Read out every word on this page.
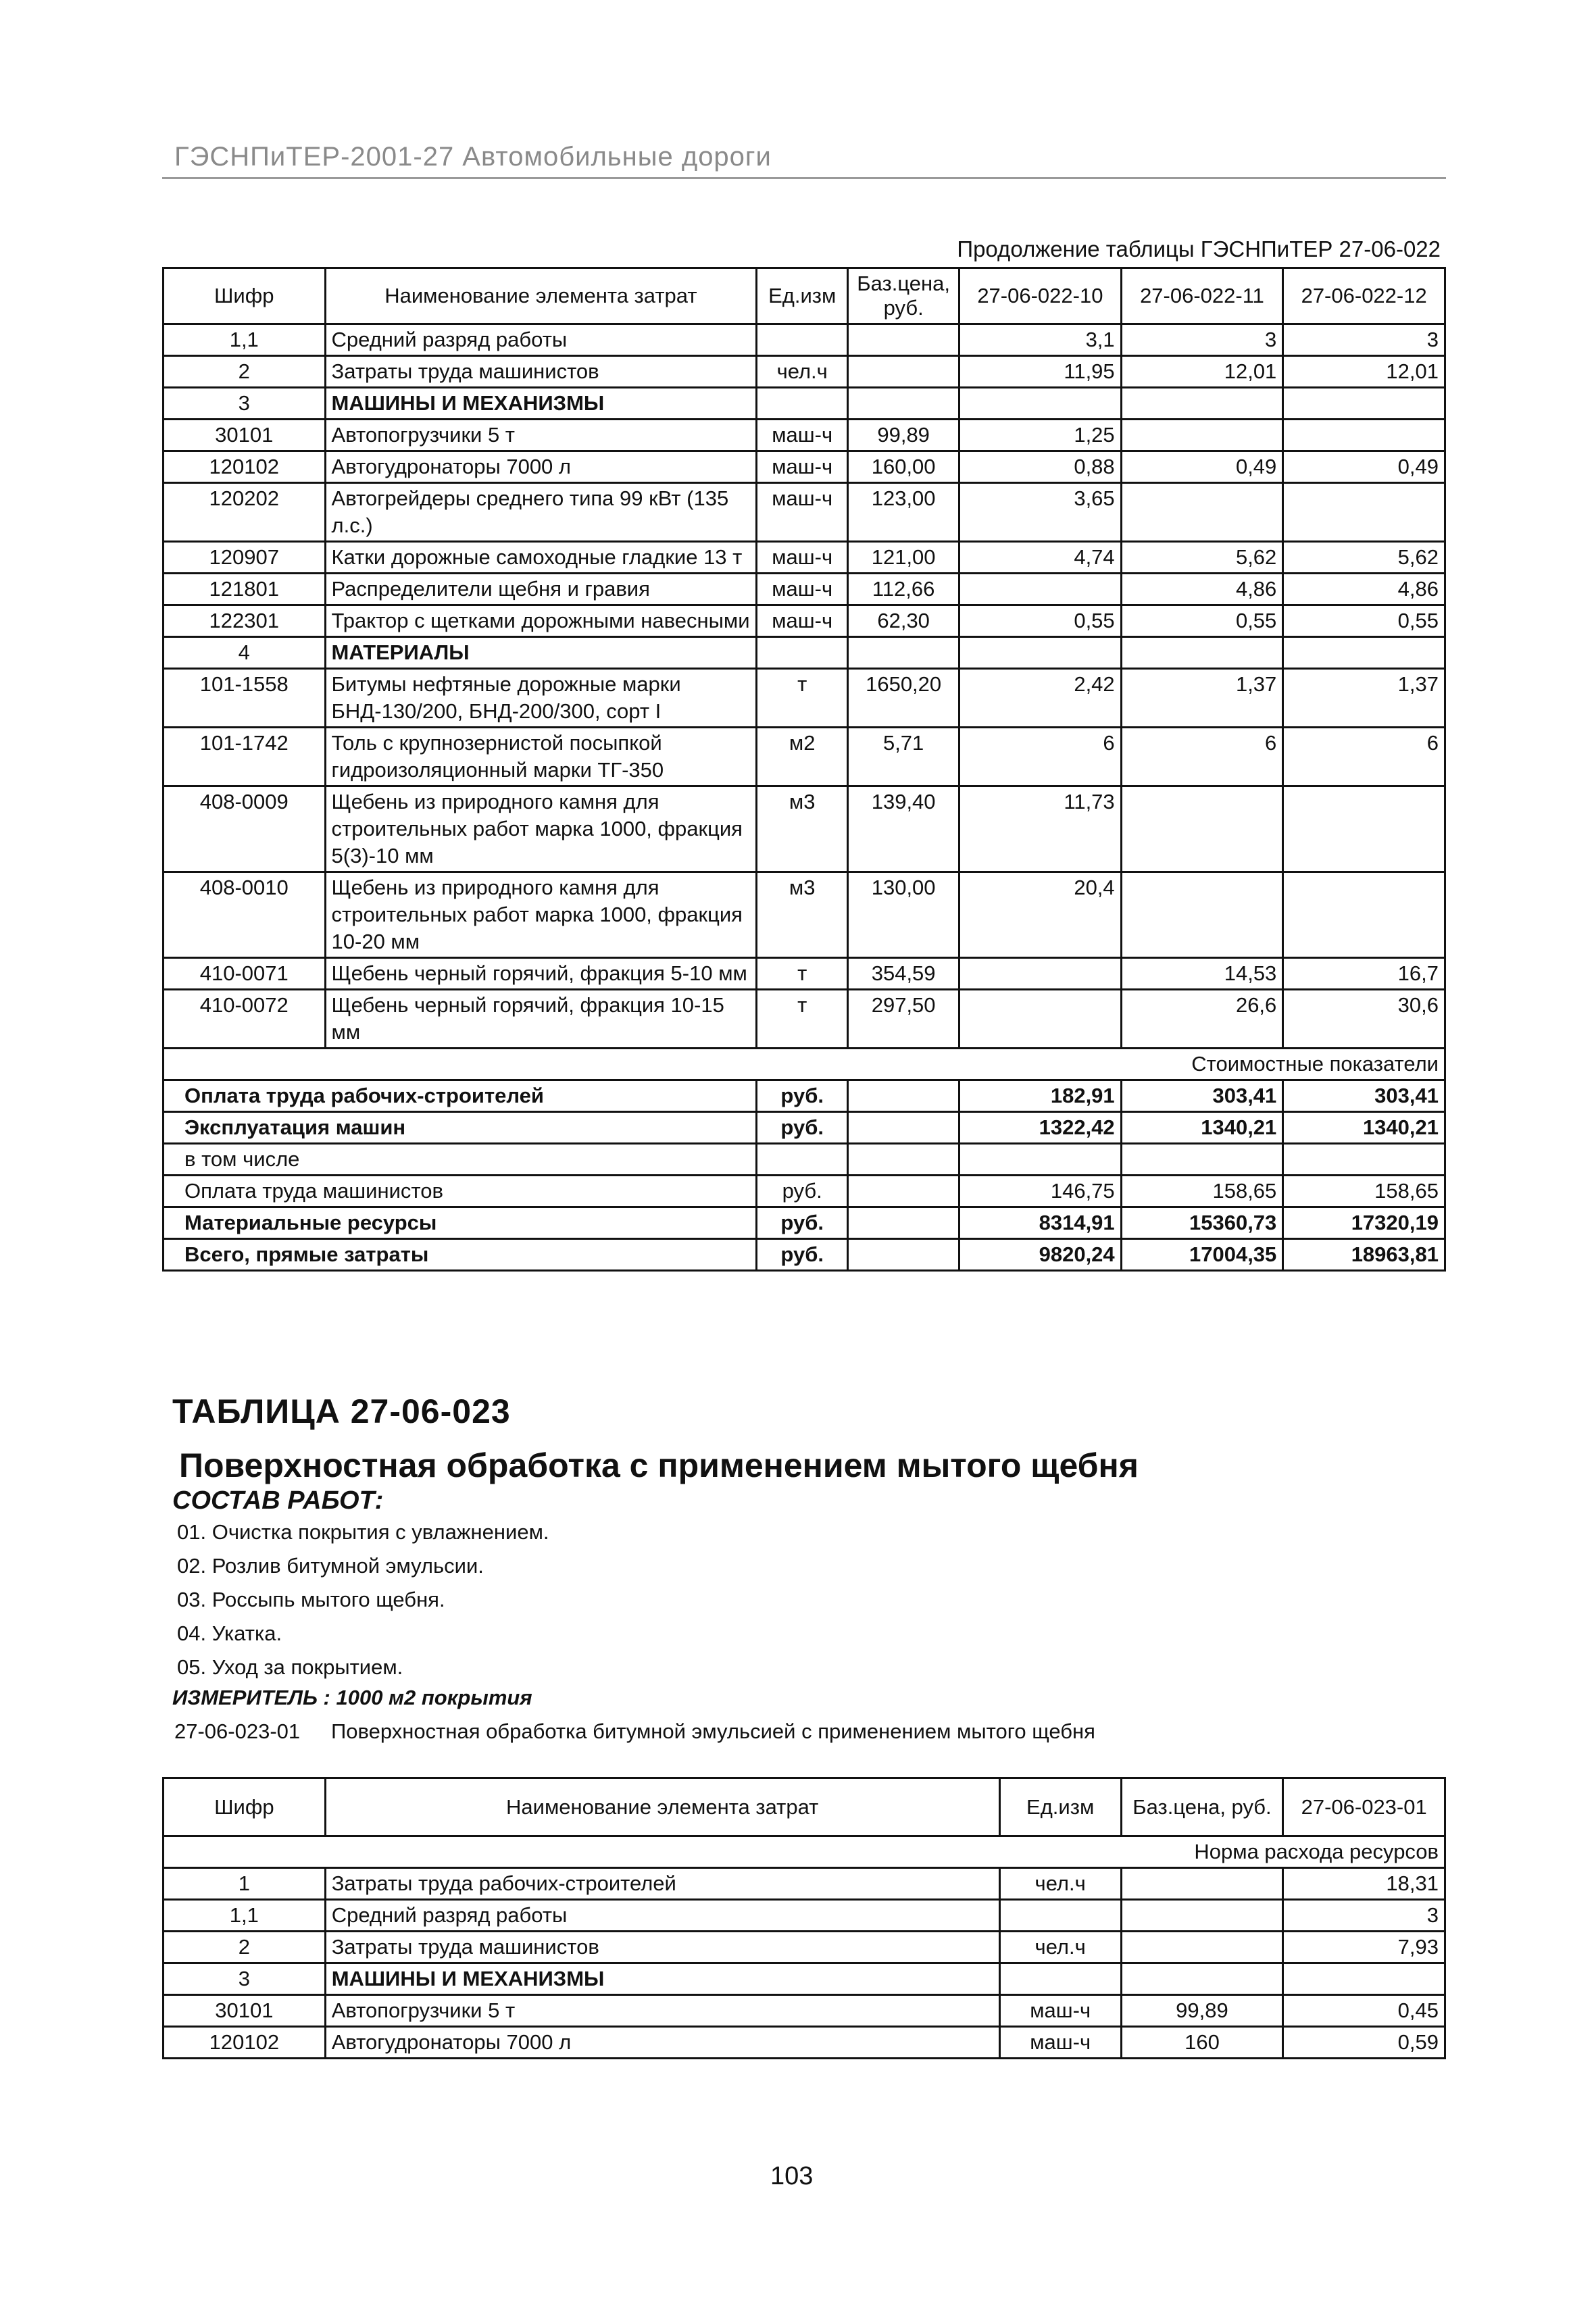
ГЭСНПиТЕР-2001-27 Автомобильные дороги
Продолжение таблицы ГЭСНПиТЕР 27-06-022
Шифр	Наименование элемента затрат	Ед.изм	Баз.цена, руб.	27-06-022-10	27-06-022-11	27-06-022-12
1,1	Средний разряд работы			3,1	3	3
2	Затраты труда машинистов	чел.ч		11,95	12,01	12,01
3	МАШИНЫ И МЕХАНИЗМЫ					
30101	Автопогрузчики 5 т	маш-ч	99,89	1,25		
120102	Автогудронаторы 7000 л	маш-ч	160,00	0,88	0,49	0,49
120202	Автогрейдеры среднего типа 99 кВт (135 л.с.)	маш-ч	123,00	3,65		
120907	Катки дорожные самоходные гладкие 13 т	маш-ч	121,00	4,74	5,62	5,62
121801	Распределители щебня и гравия	маш-ч	112,66		4,86	4,86
122301	Трактор с щетками дорожными навесными	маш-ч	62,30	0,55	0,55	0,55
4	МАТЕРИАЛЫ					
101-1558	Битумы нефтяные дорожные марки БНД-130/200, БНД-200/300, сорт I	т	1650,20	2,42	1,37	1,37
101-1742	Толь с крупнозернистой посыпкой гидроизоляционный марки ТГ-350	м2	5,71	6	6	6
408-0009	Щебень из природного камня для строительных работ марка 1000, фракция 5(3)-10 мм	м3	139,40	11,73		
408-0010	Щебень из природного камня для строительных работ марка 1000, фракция 10-20 мм	м3	130,00	20,4		
410-0071	Щебень черный горячий, фракция 5-10 мм	т	354,59		14,53	16,7
410-0072	Щебень черный горячий, фракция 10-15 мм	т	297,50		26,6	30,6
Стоимостные показатели						
Оплата труда рабочих-строителей		руб.		182,91	303,41	303,41
Эксплуатация машин		руб.		1322,42	1340,21	1340,21
в том числе						
Оплата труда машинистов		руб.		146,75	158,65	158,65
Материальные ресурсы		руб.		8314,91	15360,73	17320,19
Всего, прямые затраты		руб.		9820,24	17004,35	18963,81
ТАБЛИЦА 27-06-023
Поверхностная обработка с применением мытого щебня
СОСТАВ РАБОТ:
01. Очистка покрытия с увлажнением.
02. Розлив битумной эмульсии.
03. Россыпь мытого щебня.
04. Укатка.
05. Уход за покрытием.
ИЗМЕРИТЕЛЬ : 1000 м2 покрытия
27-06-023-01 Поверхностная обработка битумной эмульсией с применением мытого щебня
Шифр	Наименование элемента затрат	Ед.изм	Баз.цена, руб.	27-06-023-01
Норма расхода ресурсов				
1	Затраты труда рабочих-строителей	чел.ч		18,31
1,1	Средний разряд работы			3
2	Затраты труда машинистов	чел.ч		7,93
3	МАШИНЫ И МЕХАНИЗМЫ			
30101	Автопогрузчики 5 т	маш-ч	99,89	0,45
120102	Автогудронаторы 7000 л	маш-ч	160	0,59
103
